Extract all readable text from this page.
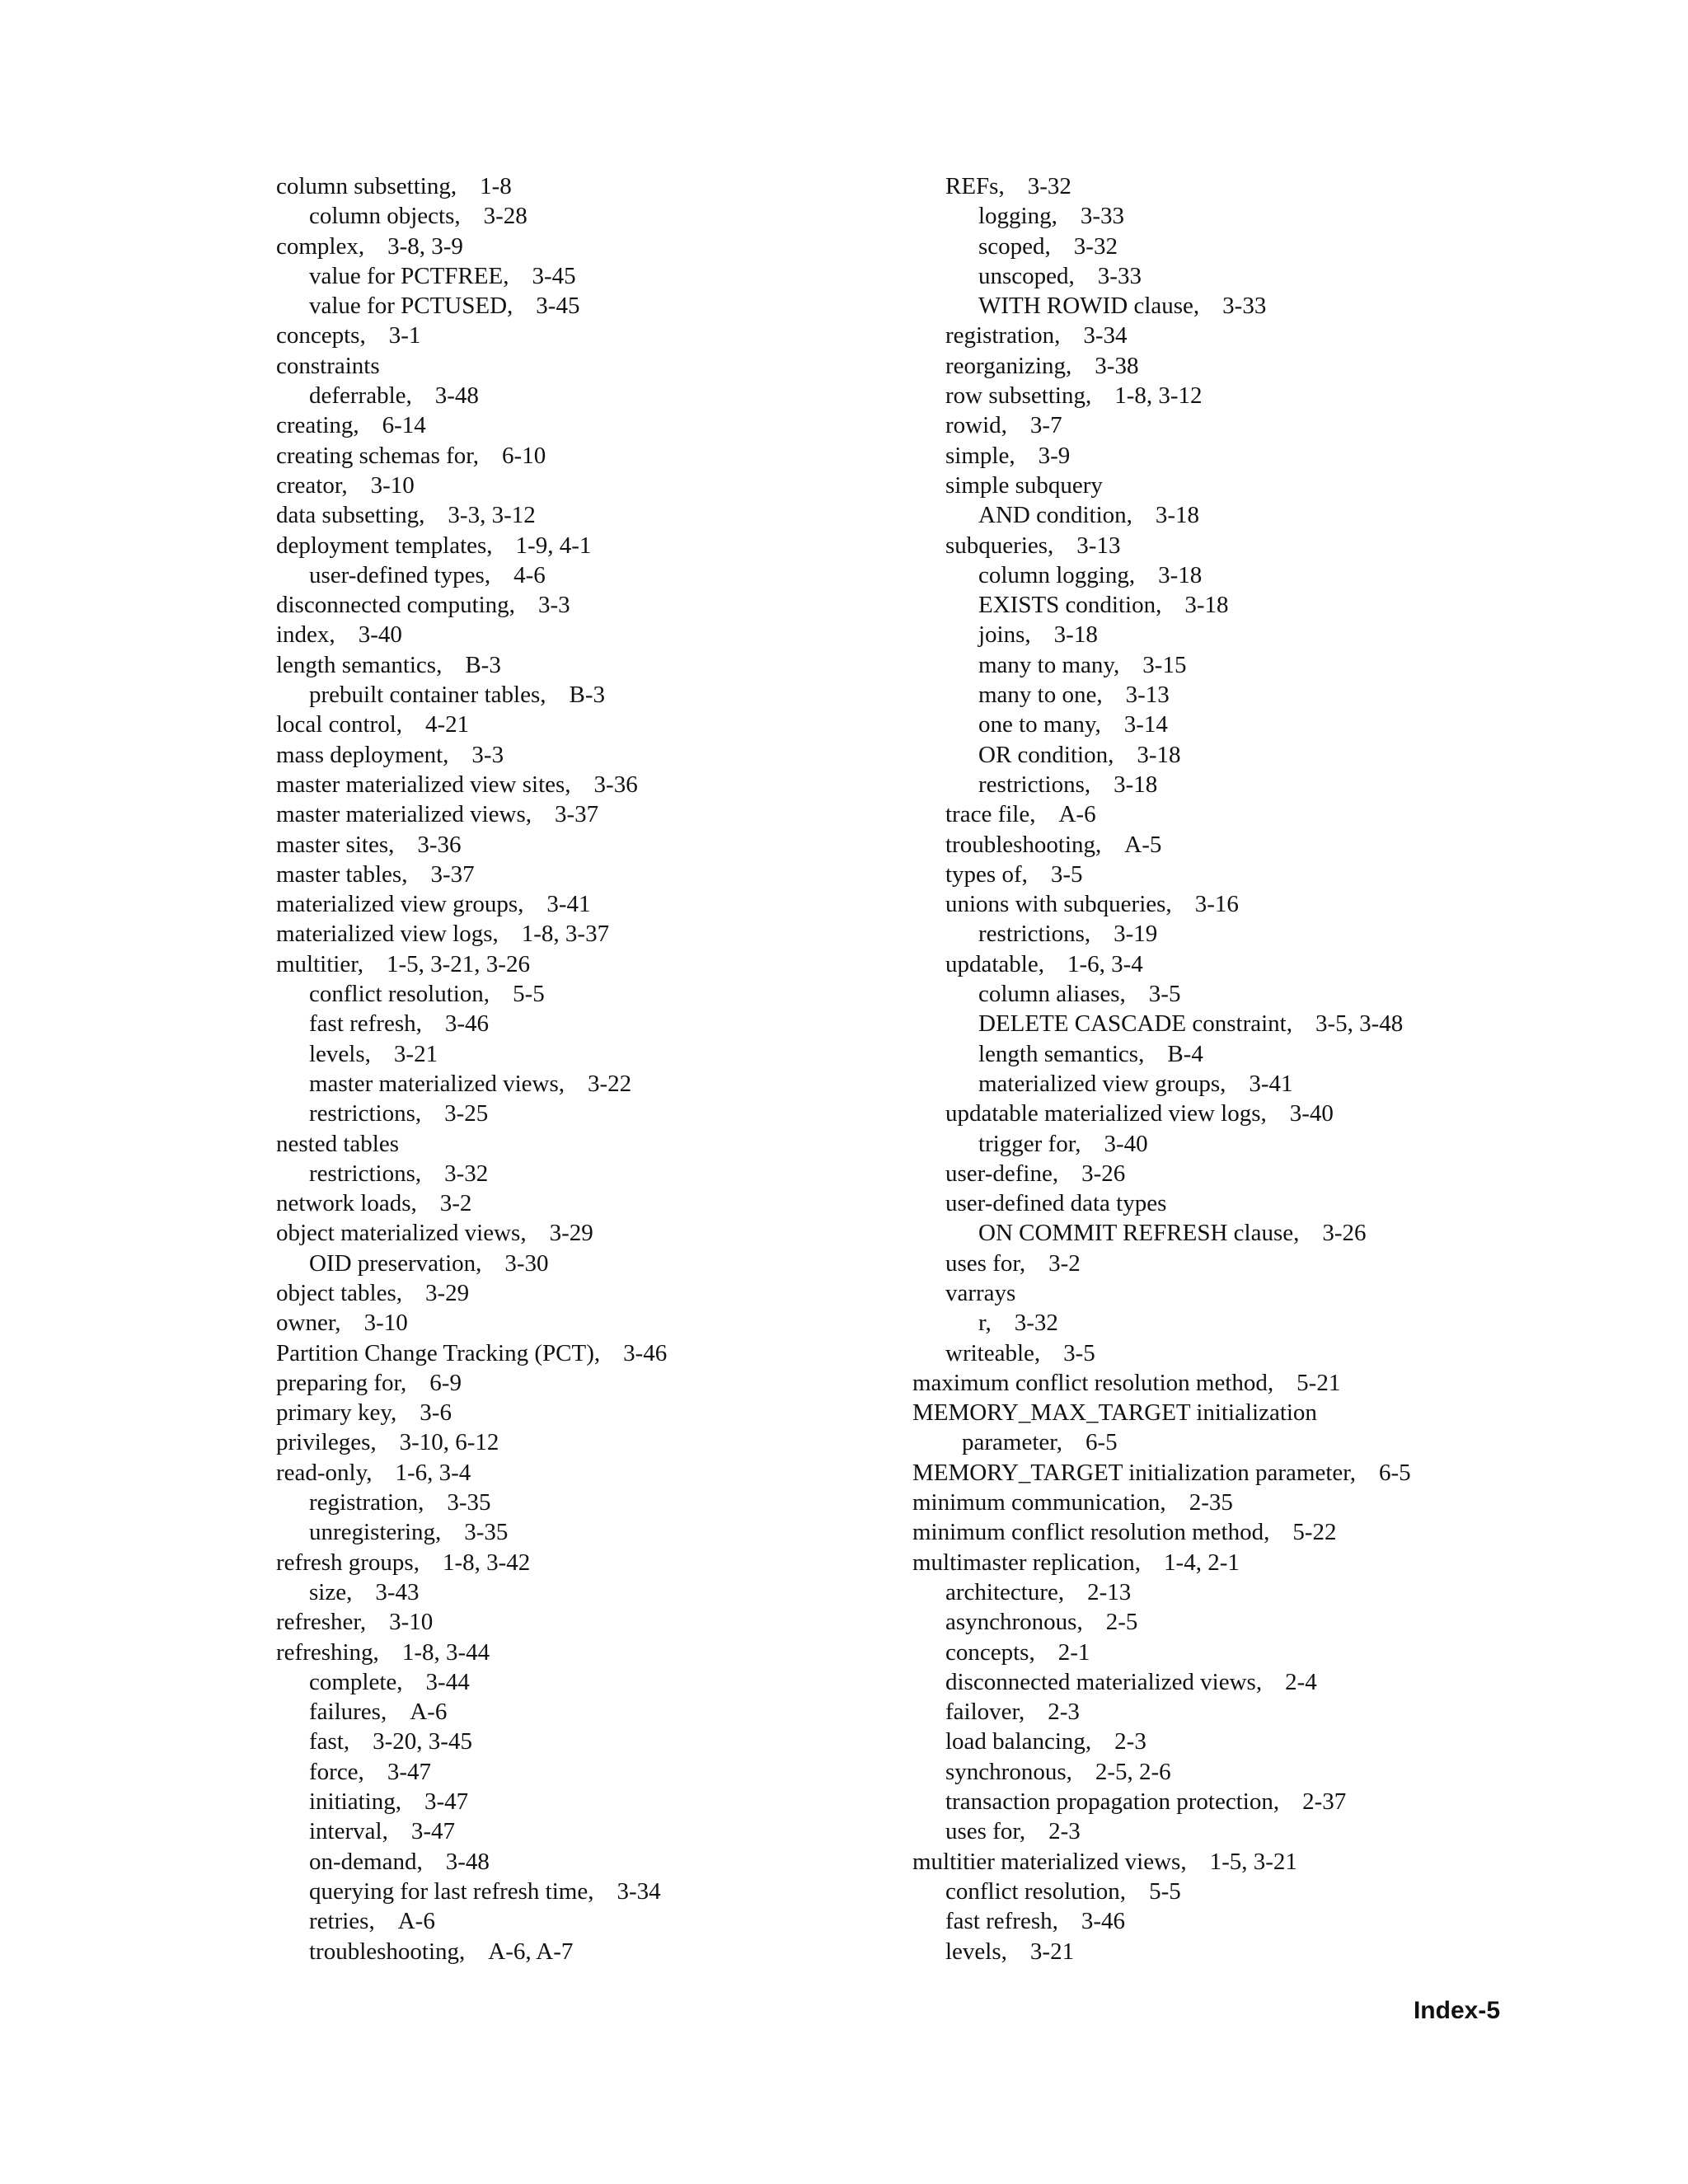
column subsetting, 1-8
column objects, 3-28
complex, 3-8, 3-9
value for PCTFREE, 3-45
value for PCTUSED, 3-45
concepts, 3-1
constraints
deferrable, 3-48
creating, 6-14
creating schemas for, 6-10
creator, 3-10
data subsetting, 3-3, 3-12
deployment templates, 1-9, 4-1
user-defined types, 4-6
disconnected computing, 3-3
index, 3-40
length semantics, B-3
prebuilt container tables, B-3
local control, 4-21
mass deployment, 3-3
master materialized view sites, 3-36
master materialized views, 3-37
master sites, 3-36
master tables, 3-37
materialized view groups, 3-41
materialized view logs, 1-8, 3-37
multitier, 1-5, 3-21, 3-26
conflict resolution, 5-5
fast refresh, 3-46
levels, 3-21
master materialized views, 3-22
restrictions, 3-25
nested tables
restrictions, 3-32
network loads, 3-2
object materialized views, 3-29
OID preservation, 3-30
object tables, 3-29
owner, 3-10
Partition Change Tracking (PCT), 3-46
preparing for, 6-9
primary key, 3-6
privileges, 3-10, 6-12
read-only, 1-6, 3-4
registration, 3-35
unregistering, 3-35
refresh groups, 1-8, 3-42
size, 3-43
refresher, 3-10
refreshing, 1-8, 3-44
complete, 3-44
failures, A-6
fast, 3-20, 3-45
force, 3-47
initiating, 3-47
interval, 3-47
on-demand, 3-48
querying for last refresh time, 3-34
retries, A-6
troubleshooting, A-6, A-7
REFs, 3-32
logging, 3-33
scoped, 3-32
unscoped, 3-33
WITH ROWID clause, 3-33
registration, 3-34
reorganizing, 3-38
row subsetting, 1-8, 3-12
rowid, 3-7
simple, 3-9
simple subquery
AND condition, 3-18
subqueries, 3-13
column logging, 3-18
EXISTS condition, 3-18
joins, 3-18
many to many, 3-15
many to one, 3-13
one to many, 3-14
OR condition, 3-18
restrictions, 3-18
trace file, A-6
troubleshooting, A-5
types of, 3-5
unions with subqueries, 3-16
restrictions, 3-19
updatable, 1-6, 3-4
column aliases, 3-5
DELETE CASCADE constraint, 3-5, 3-48
length semantics, B-4
materialized view groups, 3-41
updatable materialized view logs, 3-40
trigger for, 3-40
user-define, 3-26
user-defined data types
ON COMMIT REFRESH clause, 3-26
uses for, 3-2
varrays
r, 3-32
writeable, 3-5
maximum conflict resolution method, 5-21
MEMORY_MAX_TARGET initialization
parameter, 6-5
MEMORY_TARGET initialization parameter, 6-5
minimum communication, 2-35
minimum conflict resolution method, 5-22
multimaster replication, 1-4, 2-1
architecture, 2-13
asynchronous, 2-5
concepts, 2-1
disconnected materialized views, 2-4
failover, 2-3
load balancing, 2-3
synchronous, 2-5, 2-6
transaction propagation protection, 2-37
uses for, 2-3
multitier materialized views, 1-5, 3-21
conflict resolution, 5-5
fast refresh, 3-46
levels, 3-21
Index-5
